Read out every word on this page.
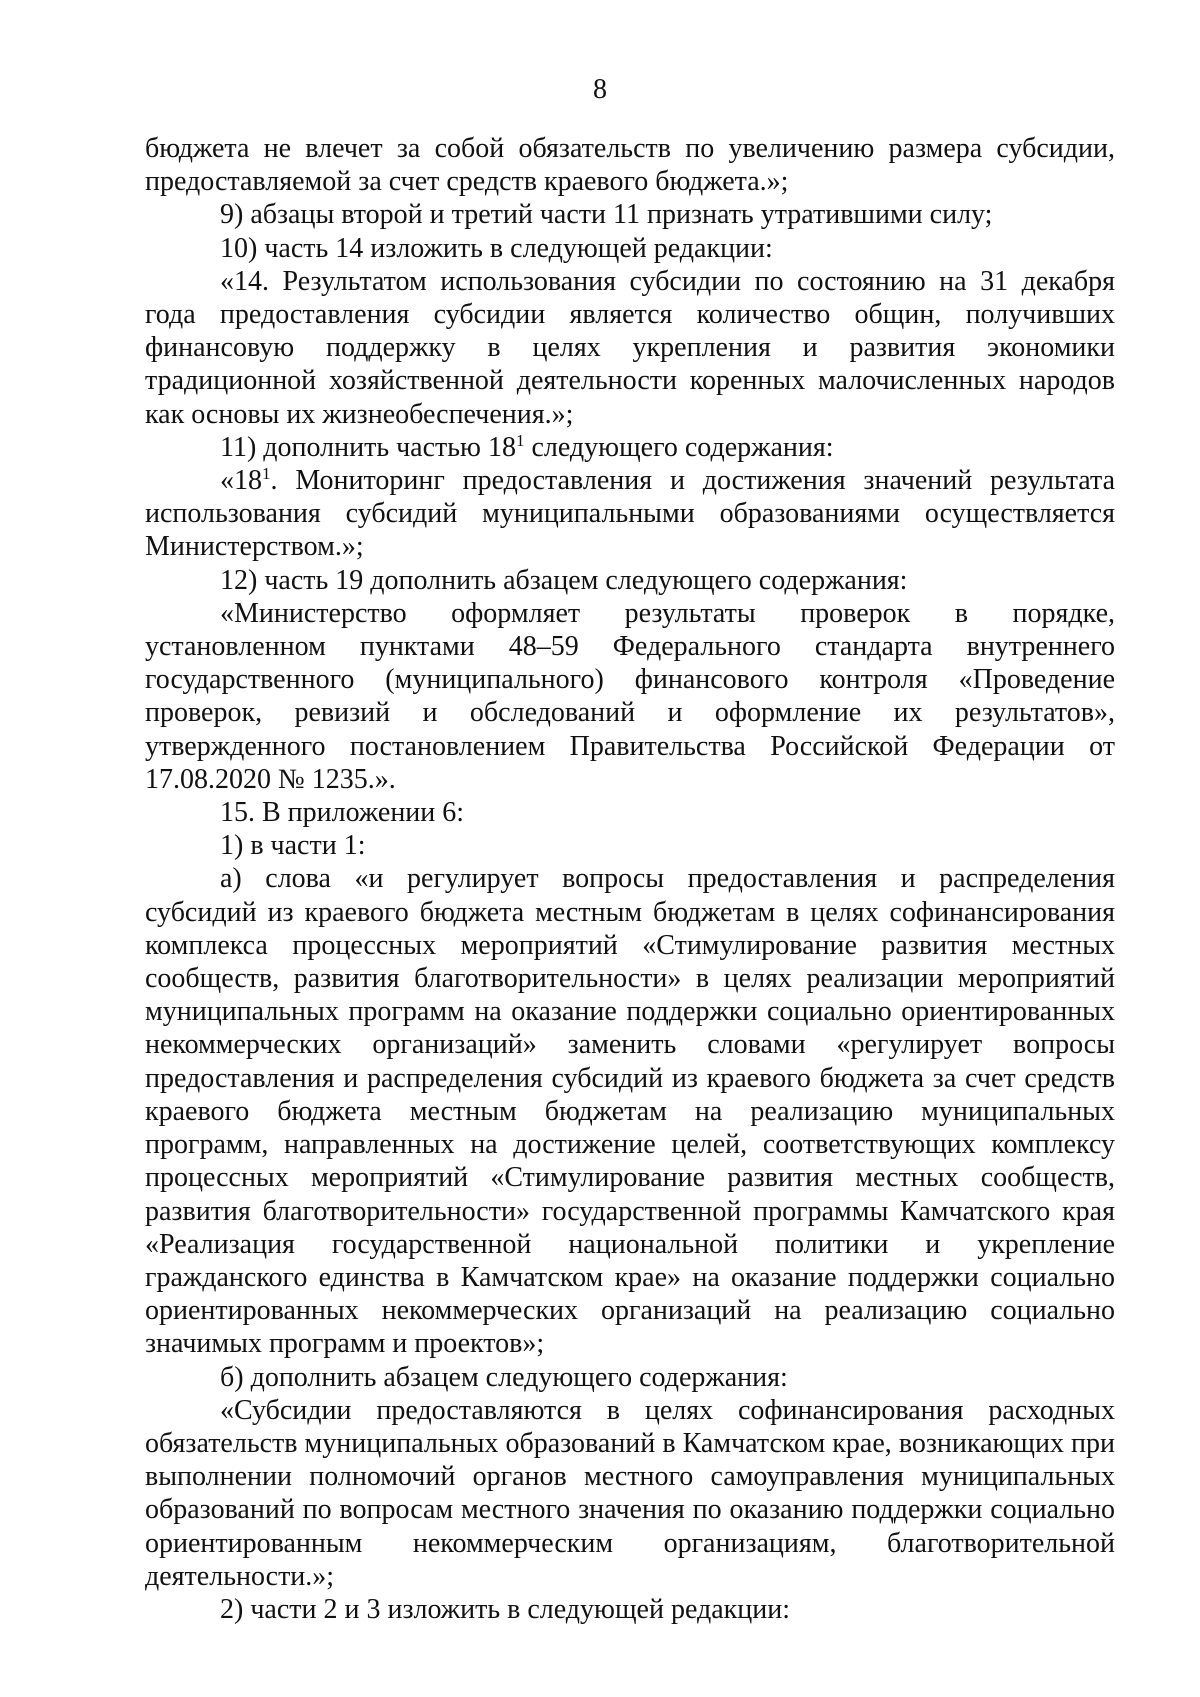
8

бюджета не влечет за собой обязательств по увеличению размера субсидии, предоставляемой за счет средств краевого бюджета.»;

9) абзацы второй и третий части 11 признать утратившими силу;

10) часть 14 изложить в следующей редакции:

«14. Результатом использования субсидии по состоянию на 31 декабря года предоставления субсидии является количество общин, получивших финансовую поддержку в целях укрепления и развития экономики традиционной хозяйственной деятельности коренных малочисленных народов как основы их жизнеобеспечения.»;

11) дополнить частью $18^1$ следующего содержания:

«$18^1$. Мониторинг предоставления и достижения значений результата использования субсидий муниципальными образованиями осуществляется Министерством.»;

12) часть 19 дополнить абзацем следующего содержания:

«Министерство оформляет результаты проверок в порядке, установленном пунктами 48–59 Федерального стандарта внутреннего государственного (муниципального) финансового контроля «Проведение проверок, ревизий и обследований и оформление их результатов», утвержденного постановлением Правительства Российской Федерации от 17.08.2020 № 1235.».

15. В приложении 6:

1) в части 1:

а) слова «и регулирует вопросы предоставления и распределения субсидий из краевого бюджета местным бюджетам в целях софинансирования комплекса процессных мероприятий «Стимулирование развития местных сообществ, развития благотворительности» в целях реализации мероприятий муниципальных программ на оказание поддержки социально ориентированных некоммерческих организаций» заменить словами «регулирует вопросы предоставления и распределения субсидий из краевого бюджета за счет средств краевого бюджета местным бюджетам на реализацию муниципальных программ, направленных на достижение целей, соответствующих комплексу процессных мероприятий «Стимулирование развития местных сообществ, развития благотворительности» государственной программы Камчатского края «Реализация государственной национальной политики и укрепление гражданского единства в Камчатском крае» на оказание поддержки социально ориентированных некоммерческих организаций на реализацию социально значимых программ и проектов»;

б) дополнить абзацем следующего содержания:

«Субсидии предоставляются в целях софинансирования расходных обязательств муниципальных образований в Камчатском крае, возникающих при выполнении полномочий органов местного самоуправления муниципальных образований по вопросам местного значения по оказанию поддержки социально ориентированным некоммерческим организациям, благотворительной деятельности.»;

2) части 2 и 3 изложить в следующей редакции:
